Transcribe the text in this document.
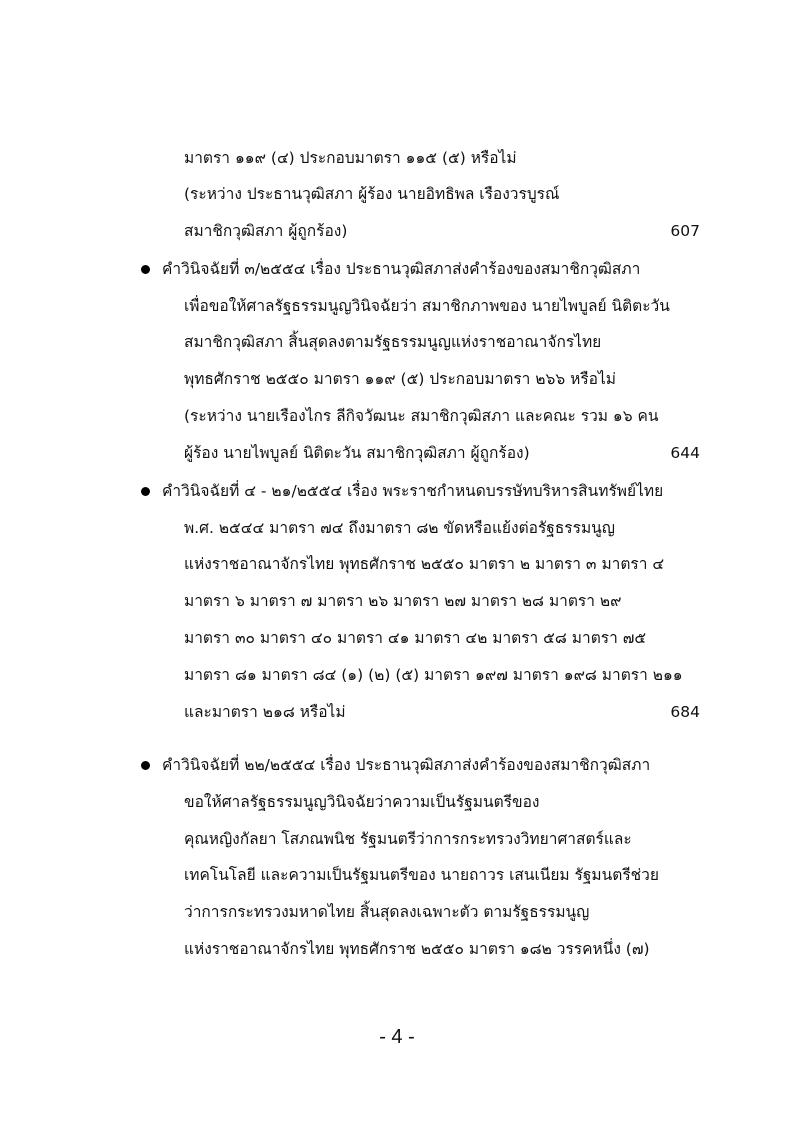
มาตรา ๑๑๙ (๔) ประกอบมาตรา ๑๑๕ (๕) หรือไม่
(ระหว่าง ประธานวุฒิสภา ผู้ร้อง นายอิทธิพล เรืองวรบูรณ์
สมาชิกวุฒิสภา ผู้ถูกร้อง)	607
คำวินิจฉัยที่ ๓/๒๕๕๔ เรื่อง ประธานวุฒิสภาส่งคำร้องของสมาชิกวุฒิสภา
เพื่อขอให้ศาลรัฐธรรมนูญวินิจฉัยว่า สมาชิกภาพของ นายไพบูลย์ นิติตะวัน
สมาชิกวุฒิสภา สิ้นสุดลงตามรัฐธรรมนูญแห่งราชอาณาจักรไทย
พุทธศักราช ๒๕๕๐ มาตรา ๑๑๙ (๕) ประกอบมาตรา ๒๖๖ หรือไม่
(ระหว่าง นายเรืองไกร ลีกิจวัฒนะ สมาชิกวุฒิสภา และคณะ รวม ๑๖ คน
ผู้ร้อง นายไพบูลย์ นิติตะวัน สมาชิกวุฒิสภา ผู้ถูกร้อง)	644
คำวินิจฉัยที่ ๔ - ๒๑/๒๕๕๔ เรื่อง พระราชกำหนดบรรษัทบริหารสินทรัพย์ไทย
พ.ศ. ๒๕๔๔ มาตรา ๗๔ ถึงมาตรา ๘๒ ขัดหรือแย้งต่อรัฐธรรมนูญ
แห่งราชอาณาจักรไทย พุทธศักราช ๒๕๕๐ มาตรา ๒ มาตรา ๓ มาตรา ๔
มาตรา ๖ มาตรา ๗ มาตรา ๒๖ มาตรา ๒๗ มาตรา ๒๘ มาตรา ๒๙
มาตรา ๓๐ มาตรา ๔๐ มาตรา ๔๑ มาตรา ๔๒ มาตรา ๕๘ มาตรา ๗๕
มาตรา ๘๑ มาตรา ๘๔ (๑) (๒) (๕) มาตรา ๑๙๗ มาตรา ๑๙๘ มาตรา ๒๑๑
และมาตรา ๒๑๘ หรือไม่	684
คำวินิจฉัยที่ ๒๒/๒๕๕๔ เรื่อง ประธานวุฒิสภาส่งคำร้องของสมาชิกวุฒิสภา
ขอให้ศาลรัฐธรรมนูญวินิจฉัยว่าความเป็นรัฐมนตรีของ
คุณหญิงกัลยา โสภณพนิช รัฐมนตรีว่าการกระทรวงวิทยาศาสตร์และ
เทคโนโลยี และความเป็นรัฐมนตรีของ นายถาวร เสนเนียม รัฐมนตรีช่วย
ว่าการกระทรวงมหาดไทย สิ้นสุดลงเฉพาะตัว ตามรัฐธรรมนูญ
แห่งราชอาณาจักรไทย พุทธศักราช ๒๕๕๐ มาตรา ๑๘๒ วรรคหนึ่ง (๗)
- 4 -
